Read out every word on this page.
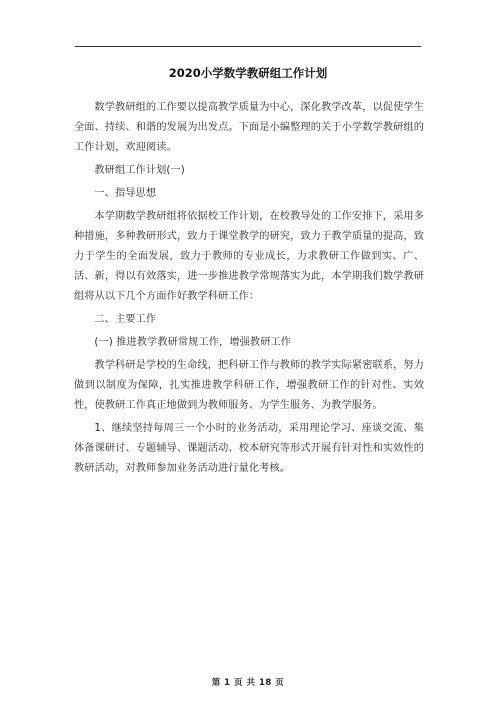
2020小学数学教研组工作计划

数学教研组的工作要以提高教学质量为中心，深化教学改革，以促使学生全面、持续、和谐的发展为出发点。下面是小编整理的关于小学数学教研组的工作计划，欢迎阅读。

教研组工作计划(一)

一、指导思想

本学期数学教研组将依据校工作计划，在校教导处的工作安排下，采用多种措施，多种教研形式，致力于课堂教学的研究，致力于教学质量的提高，致力于学生的全面发展，致力于教师的专业成长，力求教研工作做到实、广、活、新，得以有效落实，进一步推进教学常规落实为此，本学期我们数学教研组将从以下几个方面作好教学科研工作：

二、主要工作

(一) 推进教学教研常规工作，增强教研工作

教学科研是学校的生命线，把科研工作与教师的教学实际紧密联系，努力做到以制度为保障，扎实推进教学科研工作，增强教研工作的针对性、实效性，使教研工作真正地做到为教师服务、为学生服务、为教学服务。

1、继续坚持每周三一个小时的业务活动，采用理论学习、座谈交流、集体备课研讨、专题辅导、课题活动、校本研究等形式开展有针对性和实效性的教研活动，对教师参加业务活动进行量化考核。

第 1 页 共 18 页
